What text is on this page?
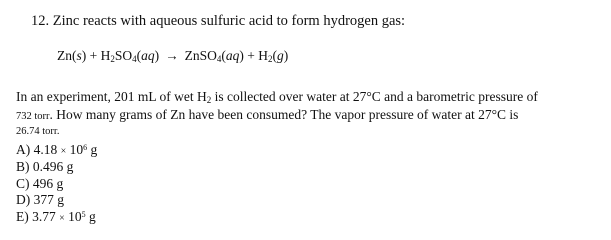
12. Zinc reacts with aqueous sulfuric acid to form hydrogen gas:
$Zn(s) + H_2SO_4(aq)$ → ZnSO$_4$(aq) + $H_2(g)$
In an experiment, 201 mL of wet $H_2$ is collected over water at 27°C and a barometric pressure of
732 torr. How many grams of Zn have been consumed? The vapor pressure of water at 27°C is
26.74 torr.
A) $4.18 \times 10^6$ g
B) 0.496 g
C) 496 g
D) 377 g
E) $3.77 \times 10^5$ g
